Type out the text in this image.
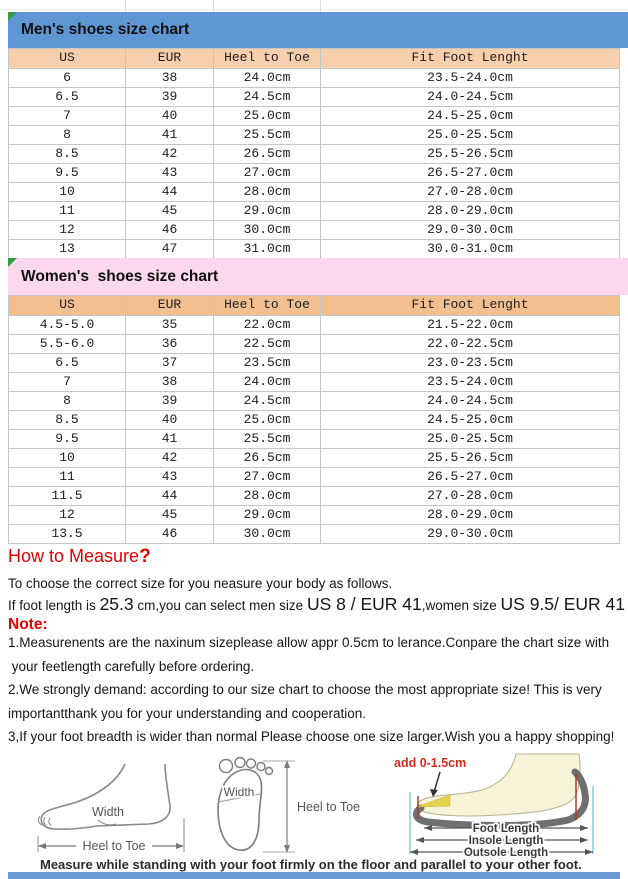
Men's shoes size chart
US	EUR	Heel to Toe	Fit Foot Lenght
6	38	24.0cm	23.5-24.0cm
6.5	39	24.5cm	24.0-24.5cm
7	40	25.0cm	24.5-25.0cm
8	41	25.5cm	25.0-25.5cm
8.5	42	26.5cm	25.5-26.5cm
9.5	43	27.0cm	26.5-27.0cm
10	44	28.0cm	27.0-28.0cm
11	45	29.0cm	28.0-29.0cm
12	46	30.0cm	29.0-30.0cm
13	47	31.0cm	30.0-31.0cm
Women's  shoes size chart
US	EUR	Heel to Toe	Fit Foot Lenght
4.5-5.0	35	22.0cm	21.5-22.0cm
5.5-6.0	36	22.5cm	22.0-22.5cm
6.5	37	23.5cm	23.0-23.5cm
7	38	24.0cm	23.5-24.0cm
8	39	24.5cm	24.0-24.5cm
8.5	40	25.0cm	24.5-25.0cm
9.5	41	25.5cm	25.0-25.5cm
10	42	26.5cm	25.5-26.5cm
11	43	27.0cm	26.5-27.0cm
11.5	44	28.0cm	27.0-28.0cm
12	45	29.0cm	28.0-29.0cm
13.5	46	30.0cm	29.0-30.0cm
How to Measure?
To choose the correct size for you neasure your body as follows.
If foot length is 25.3 cm,you can select men size US 8 / EUR 41,women size US 9.5/ EUR 41
Note:
1.Measurenents are the naxinum sizeplease allow appr 0.5cm to lerance.Conpare the chart size with
your feetlength carefully before ordering.
2.We strongly demand: according to our size chart to choose the most appropriate size! This is very
importantthank you for your understanding and cooperation.
3,If your foot breadth is wider than normal Please choose one size larger.Wish you a happy shopping!
Width
Heel to Toe
Width
Heel to Toe
add 0-1.5cm
Foot Length
Insole Length
Outsole Length
Measure while standing with your foot firmly on the floor and parallel to your other foot.
